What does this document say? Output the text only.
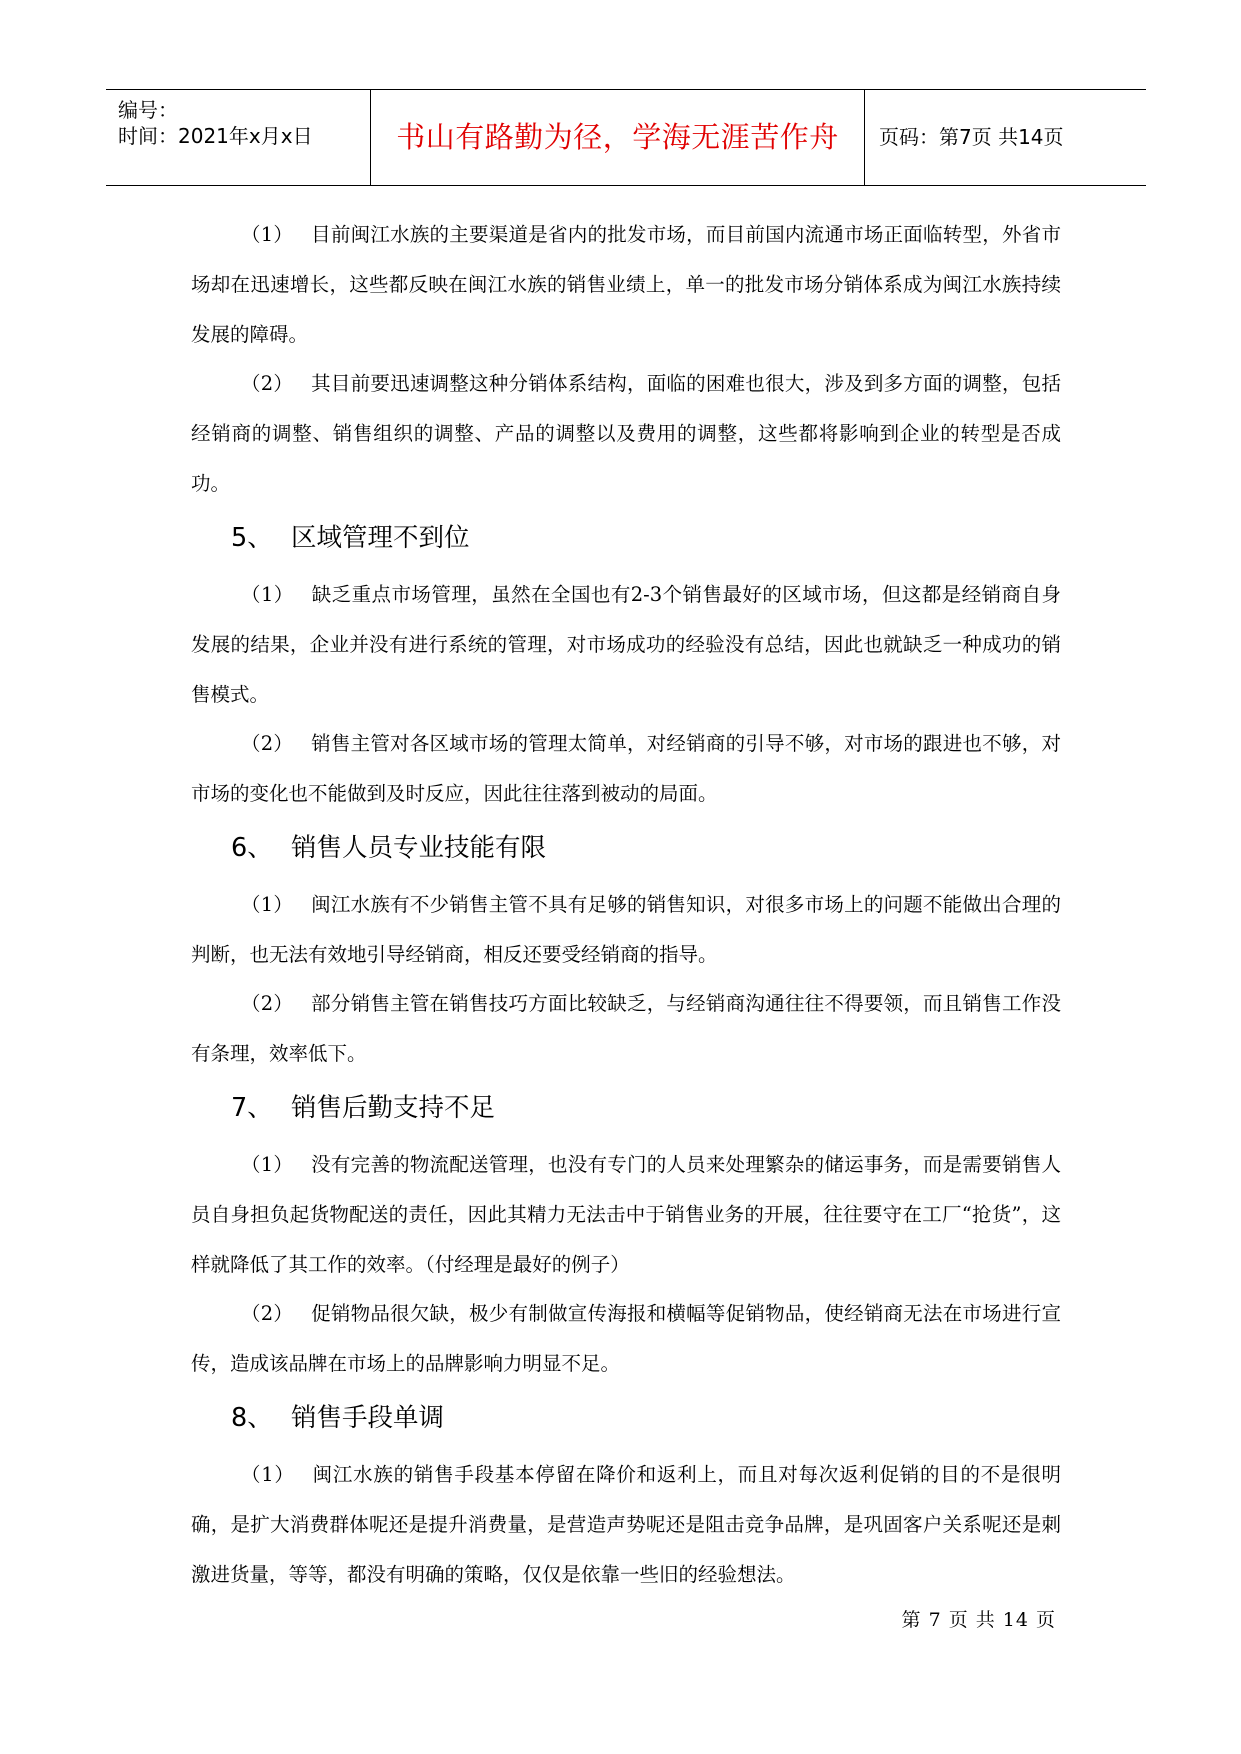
编号：
时间：2021年x月x日	书山有路勤为径，学海无涯苦作舟	页码：第7页 共14页

（1） 目前闽江水族的主要渠道是省内的批发市场，而目前国内流通市场正面临转型，外省市场却在迅速增长，这些都反映在闽江水族的销售业绩上，单一的批发市场分销体系成为闽江水族持续发展的障碍。

（2） 其目前要迅速调整这种分销体系结构，面临的困难也很大，涉及到多方面的调整，包括经销商的调整、销售组织的调整、产品的调整以及费用的调整，这些都将影响到企业的转型是否成功。

5、 区域管理不到位

（1） 缺乏重点市场管理，虽然在全国也有2-3个销售最好的区域市场，但这都是经销商自身发展的结果，企业并没有进行系统的管理，对市场成功的经验没有总结，因此也就缺乏一种成功的销售模式。

（2） 销售主管对各区域市场的管理太简单，对经销商的引导不够，对市场的跟进也不够，对市场的变化也不能做到及时反应，因此往往落到被动的局面。

6、 销售人员专业技能有限

（1） 闽江水族有不少销售主管不具有足够的销售知识，对很多市场上的问题不能做出合理的判断，也无法有效地引导经销商，相反还要受经销商的指导。

（2） 部分销售主管在销售技巧方面比较缺乏，与经销商沟通往往不得要领，而且销售工作没有条理，效率低下。

7、 销售后勤支持不足

（1） 没有完善的物流配送管理，也没有专门的人员来处理繁杂的储运事务，而是需要销售人员自身担负起货物配送的责任，因此其精力无法击中于销售业务的开展，往往要守在工厂“抢货”，这样就降低了其工作的效率。（付经理是最好的例子）

（2） 促销物品很欠缺，极少有制做宣传海报和横幅等促销物品，使经销商无法在市场进行宣传，造成该品牌在市场上的品牌影响力明显不足。

8、 销售手段单调

（1） 闽江水族的销售手段基本停留在降价和返利上，而且对每次返利促销的目的不是很明确，是扩大消费群体呢还是提升消费量，是营造声势呢还是阻击竞争品牌，是巩固客户关系呢还是刺激进货量，等等，都没有明确的策略，仅仅是依靠一些旧的经验想法。

第 7 页 共 14 页
